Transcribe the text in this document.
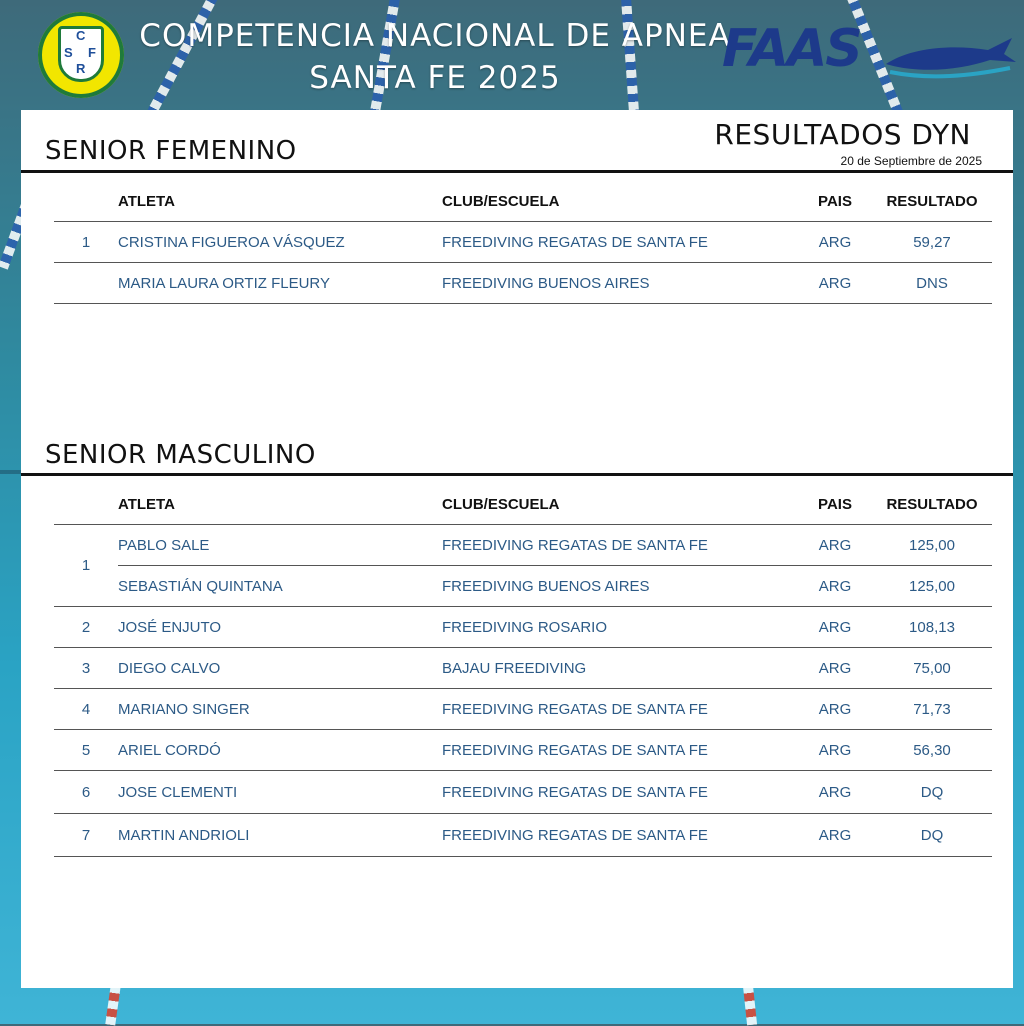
C
S F
R
COMPETENCIA NACIONAL DE APNEA
SANTA FE 2025	FAAS
RESULTADOS DYN
20 de Septiembre de 2025
SENIOR FEMENINO
	ATLETA	CLUB/ESCUELA	PAIS	RESULTADO
1	CRISTINA FIGUEROA VÁSQUEZ	FREEDIVING REGATAS DE SANTA FE	ARG	59,27
	MARIA LAURA ORTIZ FLEURY	FREEDIVING BUENOS AIRES	ARG	DNS
SENIOR MASCULINO
	ATLETA	CLUB/ESCUELA	PAIS	RESULTADO
1	PABLO SALE	FREEDIVING REGATAS DE SANTA FE	ARG	125,00
	SEBASTIÁN QUINTANA	FREEDIVING BUENOS AIRES	ARG	125,00
2	JOSÉ ENJUTO	FREEDIVING ROSARIO	ARG	108,13
3	DIEGO CALVO	BAJAU FREEDIVING	ARG	75,00
4	MARIANO SINGER	FREEDIVING REGATAS DE SANTA FE	ARG	71,73
5	ARIEL CORDÓ	FREEDIVING REGATAS DE SANTA FE	ARG	56,30
6	JOSE CLEMENTI	FREEDIVING REGATAS DE SANTA FE	ARG	DQ
7	MARTIN ANDRIOLI	FREEDIVING REGATAS DE SANTA FE	ARG	DQ
